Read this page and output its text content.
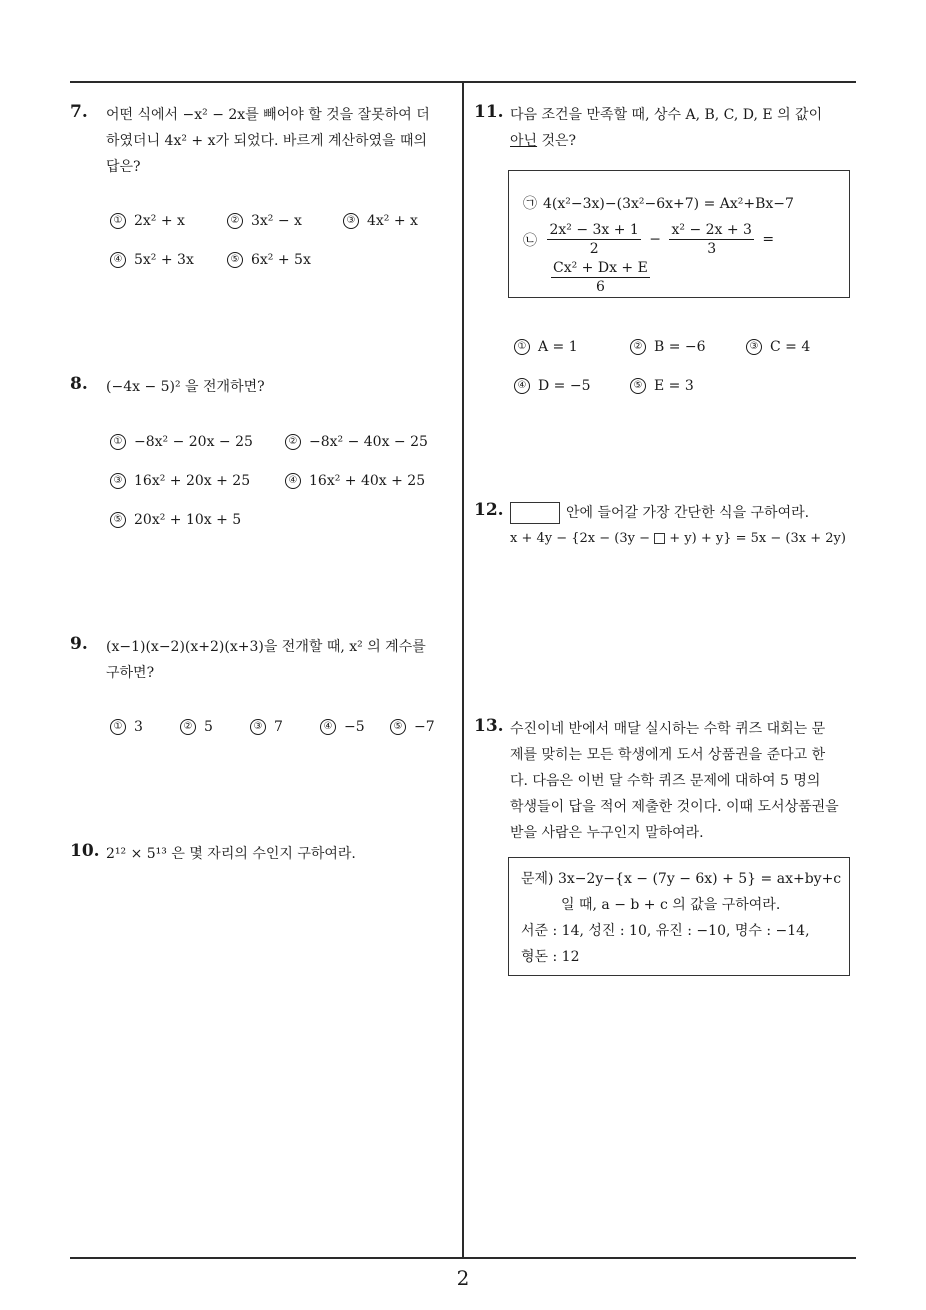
2
7. 어떤 식에서 −x² − 2x를 빼어야 할 것을 잘못하여 더
하였더니 4x² + x가 되었다. 바르게 계산하였을 때의
답은?
① 2x² + x	② 3x² − x	③ 4x² + x
④ 5x² + 3x	⑤ 6x² + 5x
8. (−4x − 5)² 을 전개하면?
① −8x² − 20x − 25	② −8x² − 40x − 25
③ 16x² + 20x + 25	④ 16x² + 40x + 25
⑤ 20x² + 10x + 5
9. (x−1)(x−2)(x+2)(x+3)을 전개할 때, x² 의 계수를
구하면?
① 3	② 5	③ 7	④ −5	⑤ −7
10. 2¹² × 5¹³ 은 몇 자리의 수인지 구하여라.
11. 다음 조건을 만족할 때, 상수 A, B, C, D, E 의 값이
아닌 것은?
㉠ 4(x²−3x)−(3x²−6x+7) = Ax²+Bx−7
㉡ $\frac{\text{2x² − 3x + 1}}{2} - \frac{\text{x² − 2x + 3}}{3}$ =
$\frac{\text{Cx² + Dx + E}}{6}$
① A = 1	② B = −6	③ C = 4
④ D = −5	⑤ E = 3
12.	안에 들어갈 가장 간단한 식을 구하여라.
x + 4y − {2x − (3y −  + y) + y} = 5x − (3x + 2y)
13. 수진이네 반에서 매달 실시하는 수학 퀴즈 대회는 문
제를 맞히는 모든 학생에게 도서 상품권을 준다고 한
다. 다음은 이번 달 수학 퀴즈 문제에 대하여 5 명의
학생들이 답을 적어 제출한 것이다. 이때 도서상품권을
받을 사람은 누구인지 말하여라.
문제) 3x−2y−{x − (7y − 6x) + 5} = ax+by+c
일 때, a − b + c 의 값을 구하여라.
서준 : 14, 성진 : 10, 유진 : −10, 명수 : −14,
형돈 : 12
